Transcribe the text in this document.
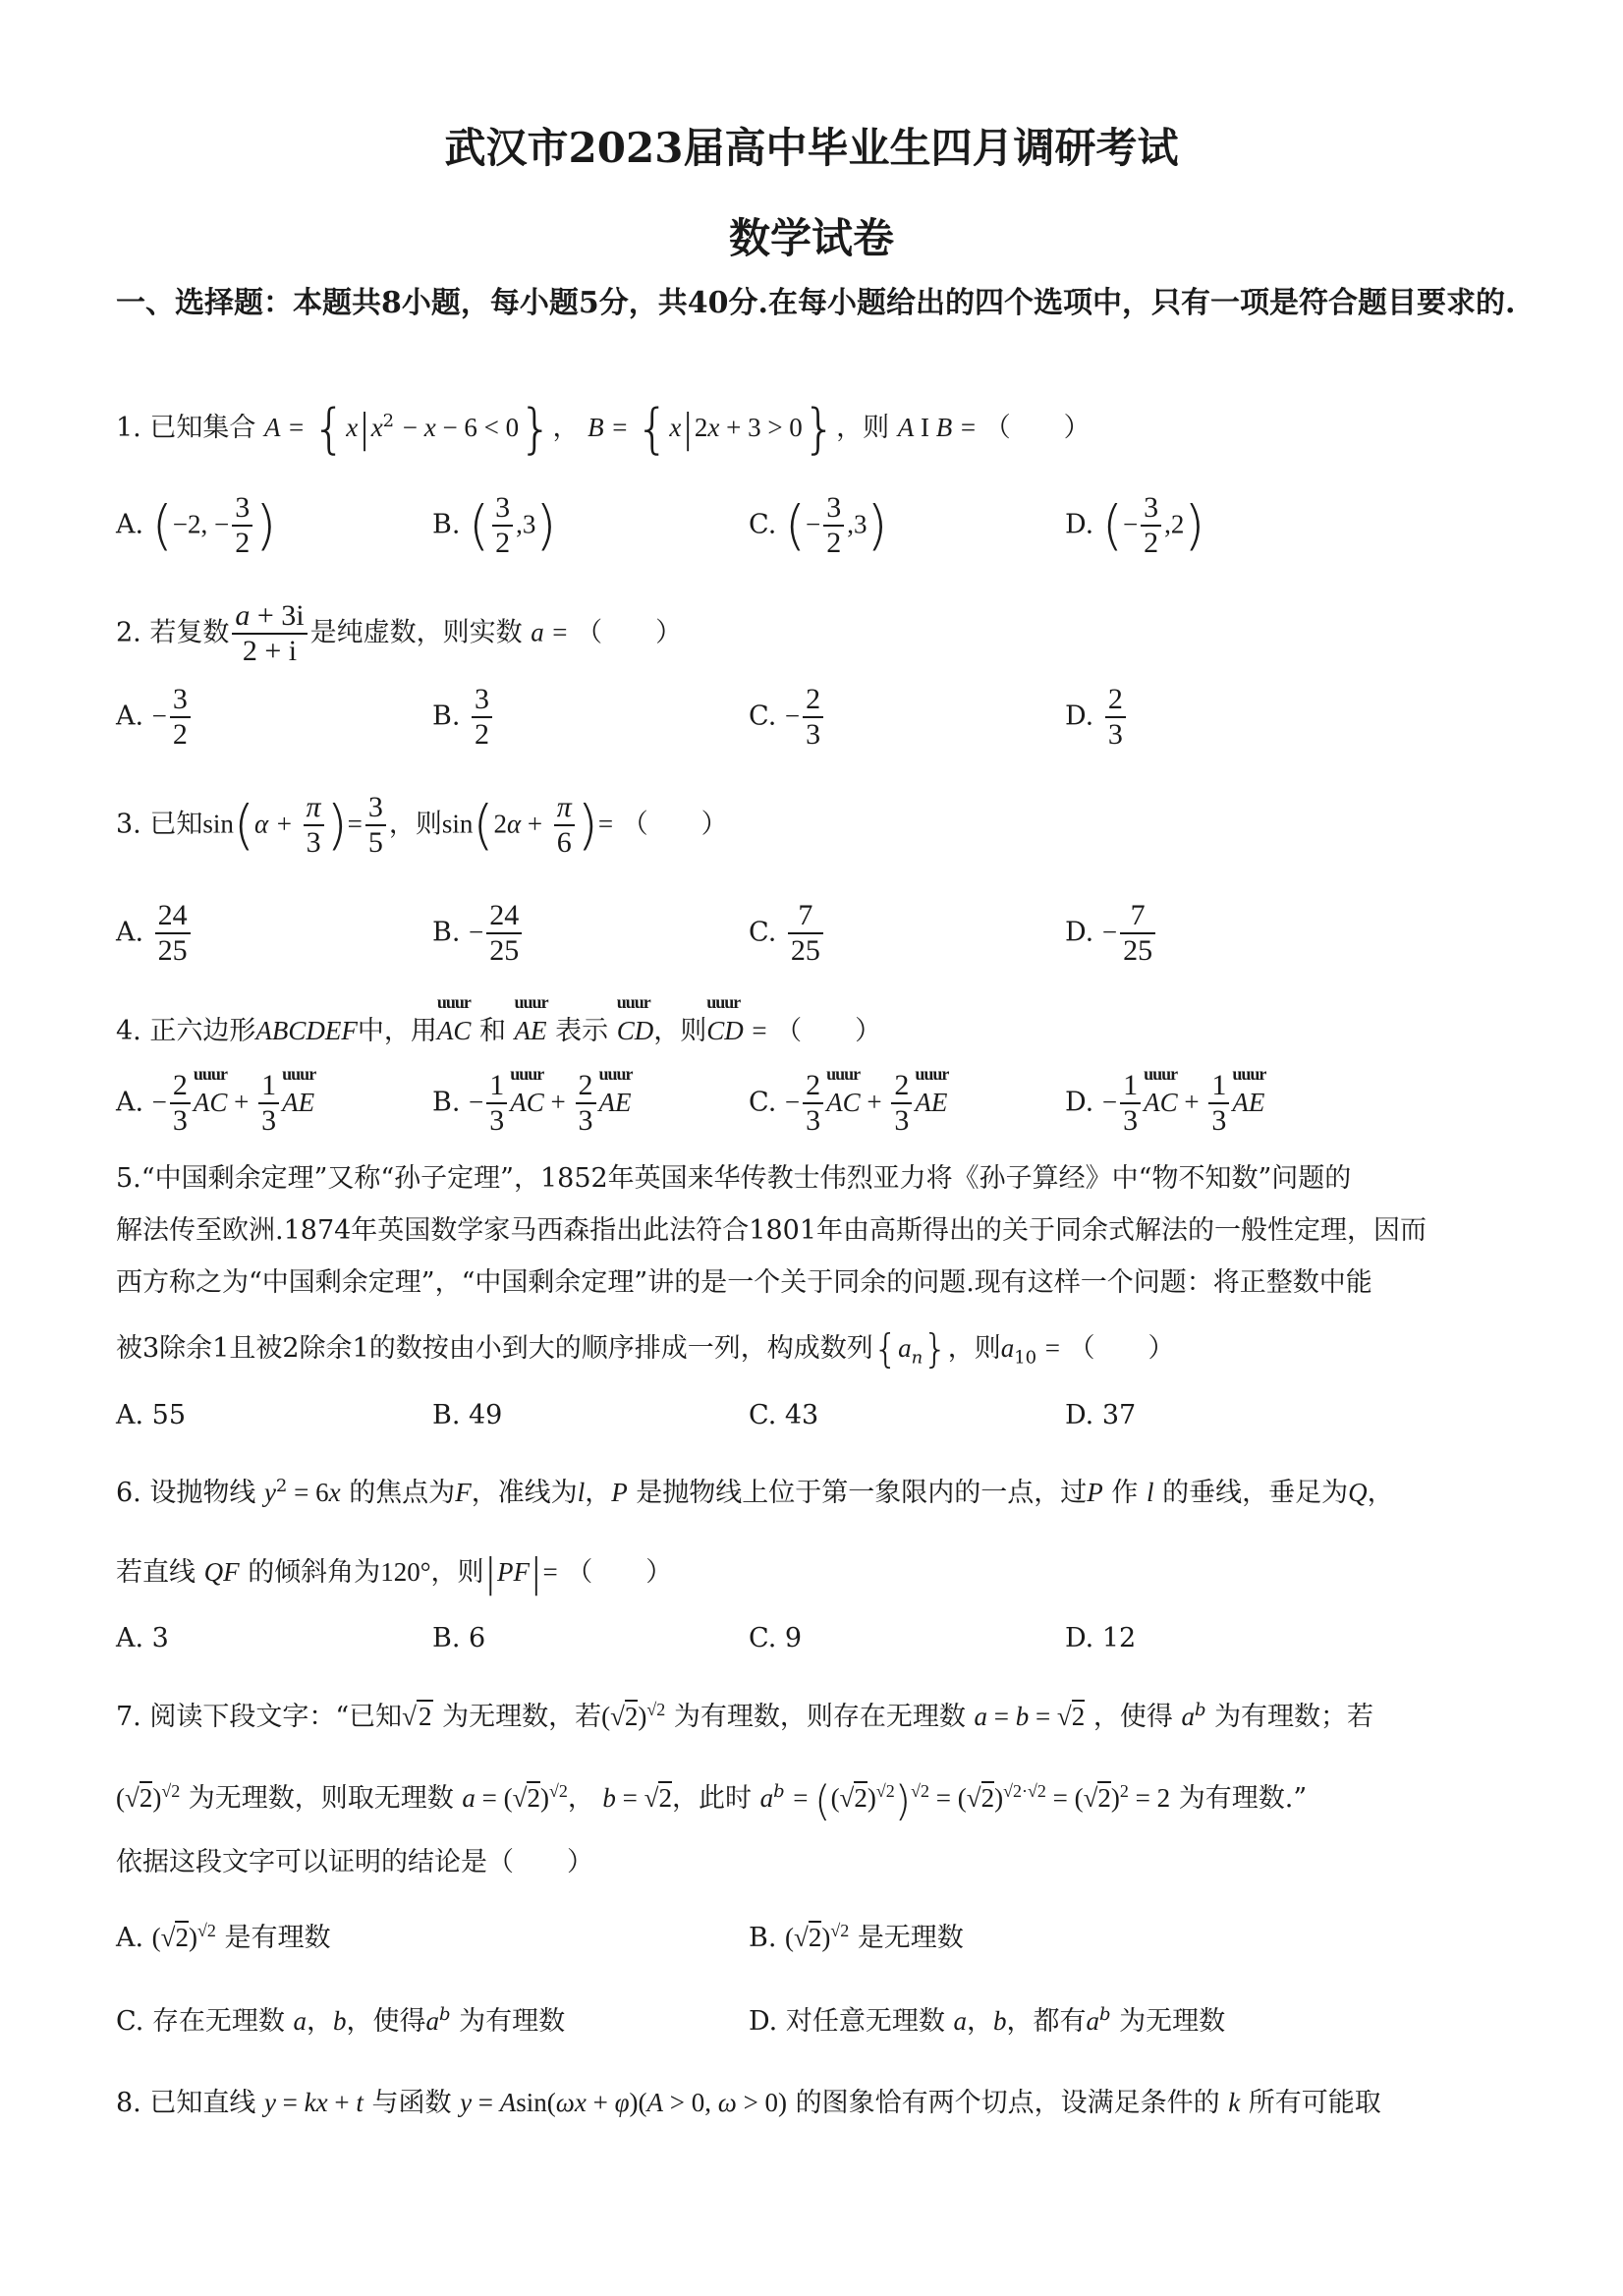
武汉市2023届高中毕业生四月调研考试
数学试卷
一、选择题：本题共8小题，每小题5分，共40分.在每小题给出的四个选项中，只有一项是符合题目要求的.
1. 已知集合 $A = \{x|x^2 - x - 6 < 0\}$， B = {x|2x + 3 > 0}，则 A I B = （　　）
A. (−2, − $\frac{3}{2}$ )	B. ( $\frac{3}{2} ,3$)	C. (− $\frac{3}{2} ,3$)	D. (− $\frac{3}{2} ,2$)
2. 若复数 $\frac{a + 3i}{2 + i}$ 是纯虚数，则实数 a = （　　）
A. − $\frac{3}{2}$	B. $\frac{3}{2}$	C. − $\frac{2}{3}$	D. $\frac{2}{3}$
3. 已知$\sin(\alpha + \frac{\pi}{3}$ )= $\frac{3}{5}$ ，则$\sin(2\alpha + \frac{\pi}{6}$ )= （　　）
A. $\frac{24}{25}$	B. − $\frac{24}{25}$	C. $\frac{7}{25}$	D. − $\frac{7}{25}$
4. 正六边形ABCDEF中，用uuur AC 和 uuur AE 表示 uuur CD，则uuur CD = （　　）
A. − $\frac{2}{3}$ uuur AC + $\frac{1}{3}$ uuur AE	B. − $\frac{1}{3}$ uuur AC + $\frac{2}{3}$ uuur AE	C. − $\frac{2}{3}$ uuur AC + $\frac{2}{3}$ uuur AE	D. − $\frac{1}{3}$ uuur AC + $\frac{1}{3}$ uuur AE
5.“中国剩余定理”又称“孙子定理”，1852年英国来华传教士伟烈亚力将《孙子算经》中“物不知数”问题的
解法传至欧洲.1874年英国数学家马西森指出此法符合1801年由高斯得出的关于同余式解法的一般性定理，因而
西方称之为“中国剩余定理”，“中国剩余定理”讲的是一个关于同余的问题.现有这样一个问题：将正整数中能
被3除余1且被2除余1的数按由小到大的顺序排成一列，构成数列$\{a_n\}$，则$a_{10}$ = （　　）
A. 55	B. 49	C. 43	D. 37
6. 设抛物线 $y^2 = 6x$ 的焦点为F，准线为l，P 是抛物线上位于第一象限内的一点，过P 作 l 的垂线，垂足为Q，
若直线 QF 的倾斜角为120°，则|PF|= （　　）
A. 3	B. 6	C. 9	D. 12
7. 阅读下段文字：“已知√2 为无理数，若$(√2)^{√2}$ 为有理数，则存在无理数 a = b = √2 ，使得 $a^b$ 为有理数；若
$(√2)^{√2}$ 为无理数，则取无理数 $a = (√2)^{√2}$， b = √2，此时 $a^b = ((√2)^{√2})^{√2} = (√2)^{√2\cdot√2} = (√2)^2 = 2$ 为有理数.”
依据这段文字可以证明的结论是（　　）
A. $(√2)^{√2}$ 是有理数	B. $(√2)^{√2}$ 是无理数
C. 存在无理数 a，b，使得$a^b$ 为有理数	D. 对任意无理数 a，b，都有$a^b$ 为无理数
8. 已知直线 y = kx + t 与函数 y = Asin(ωx + φ)(A > 0, ω > 0) 的图象恰有两个切点，设满足条件的 k 所有可能取
